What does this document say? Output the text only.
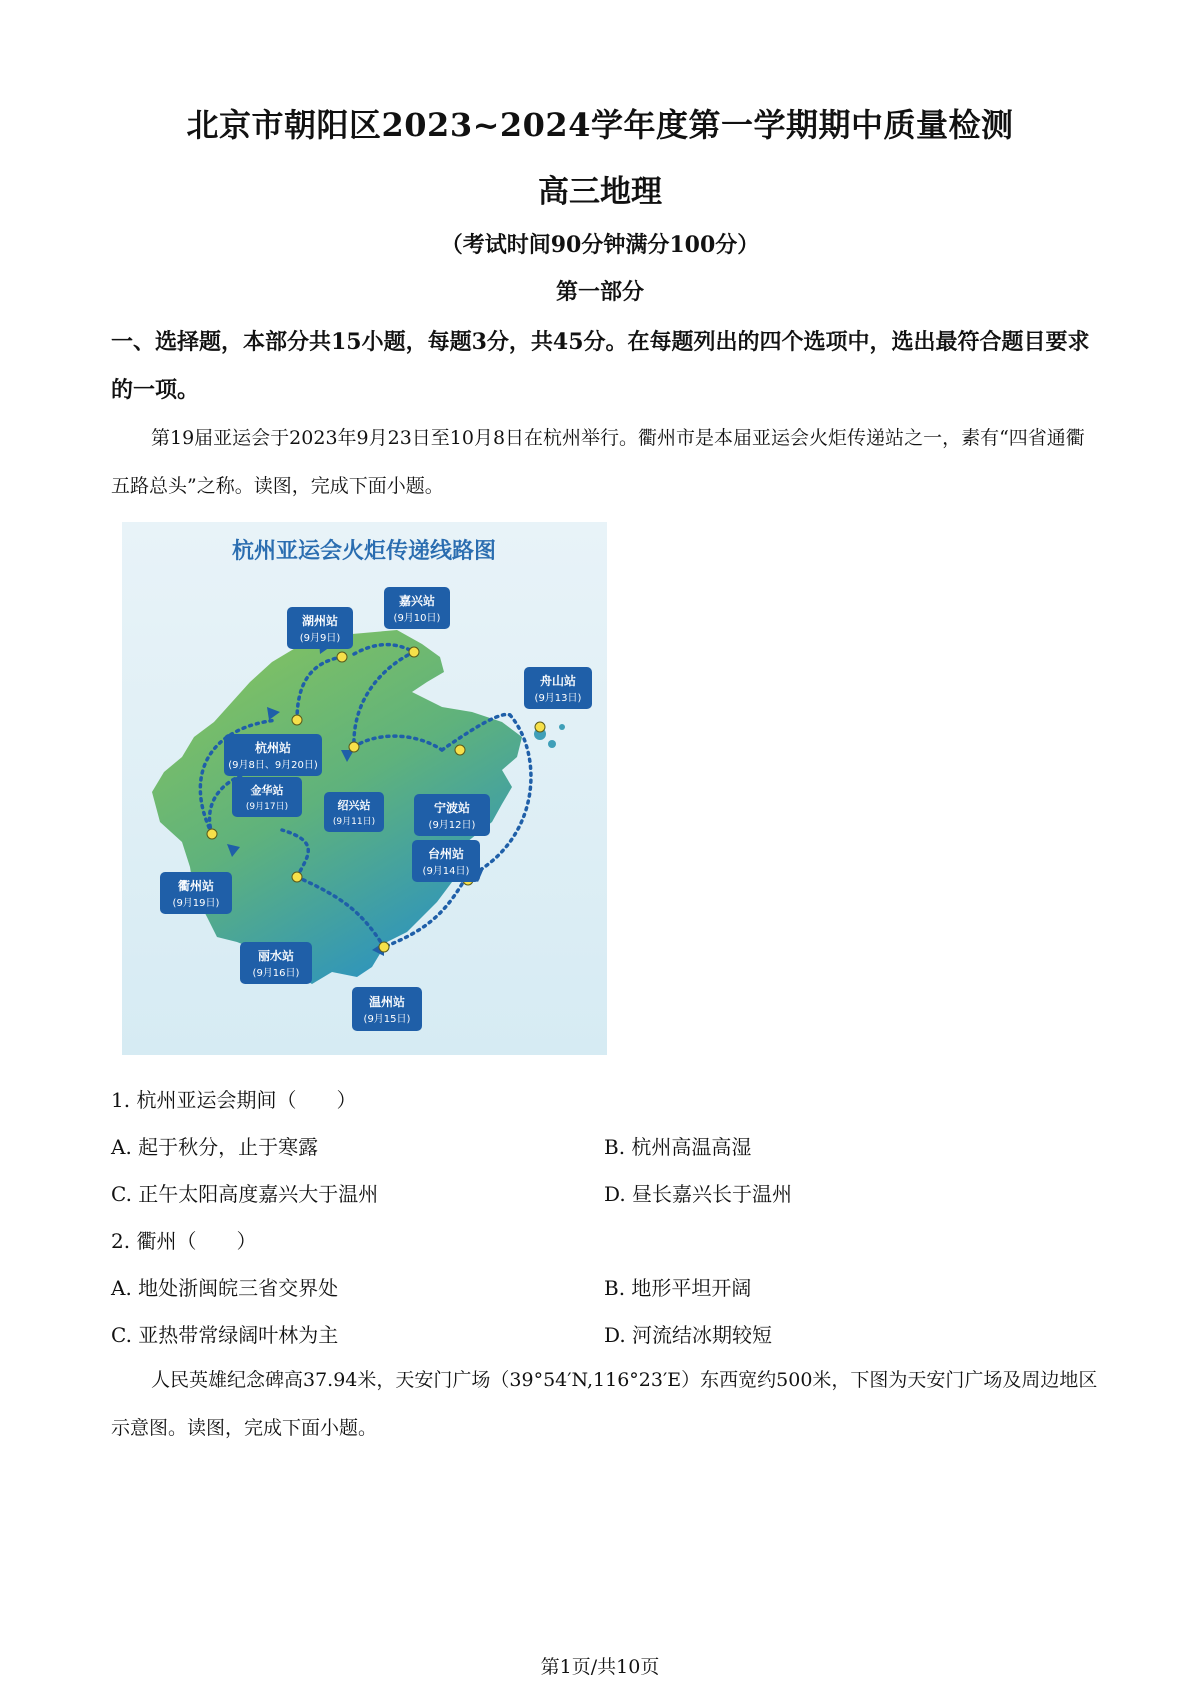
北京市朝阳区2023~2024学年度第一学期期中质量检测
高三地理
（考试时间90分钟满分100分）
第一部分
一、选择题，本部分共15小题，每题3分，共45分。在每题列出的四个选项中，选出最符合题目要求的一项。
第19届亚运会于2023年9月23日至10月8日在杭州举行。衢州市是本届亚运会火炬传递站之一，素有“四省通衢五路总头”之称。读图，完成下面小题。
杭州亚运会火炬传递线路图
湖州站
(9月9日)
嘉兴站
(9月10日)
舟山站
(9月13日)
杭州站
(9月8日、9月20日)
绍兴站
(9月11日)
宁波站
(9月12日)
金华站
(9月17日)
台州站
(9月14日)
衢州站
(9月19日)
丽水站
(9月16日)
温州站
(9月15日)
1. 杭州亚运会期间（　　）
A. 起于秋分，止于寒露	B. 杭州高温高湿
C. 正午太阳高度嘉兴大于温州	D. 昼长嘉兴长于温州
2. 衢州（　　）
A. 地处浙闽皖三省交界处	B. 地形平坦开阔
C. 亚热带常绿阔叶林为主	D. 河流结冰期较短
人民英雄纪念碑高37.94米，天安门广场（39°54′N,116°23′E）东西宽约500米，下图为天安门广场及周边地区示意图。读图，完成下面小题。
第1页/共10页
